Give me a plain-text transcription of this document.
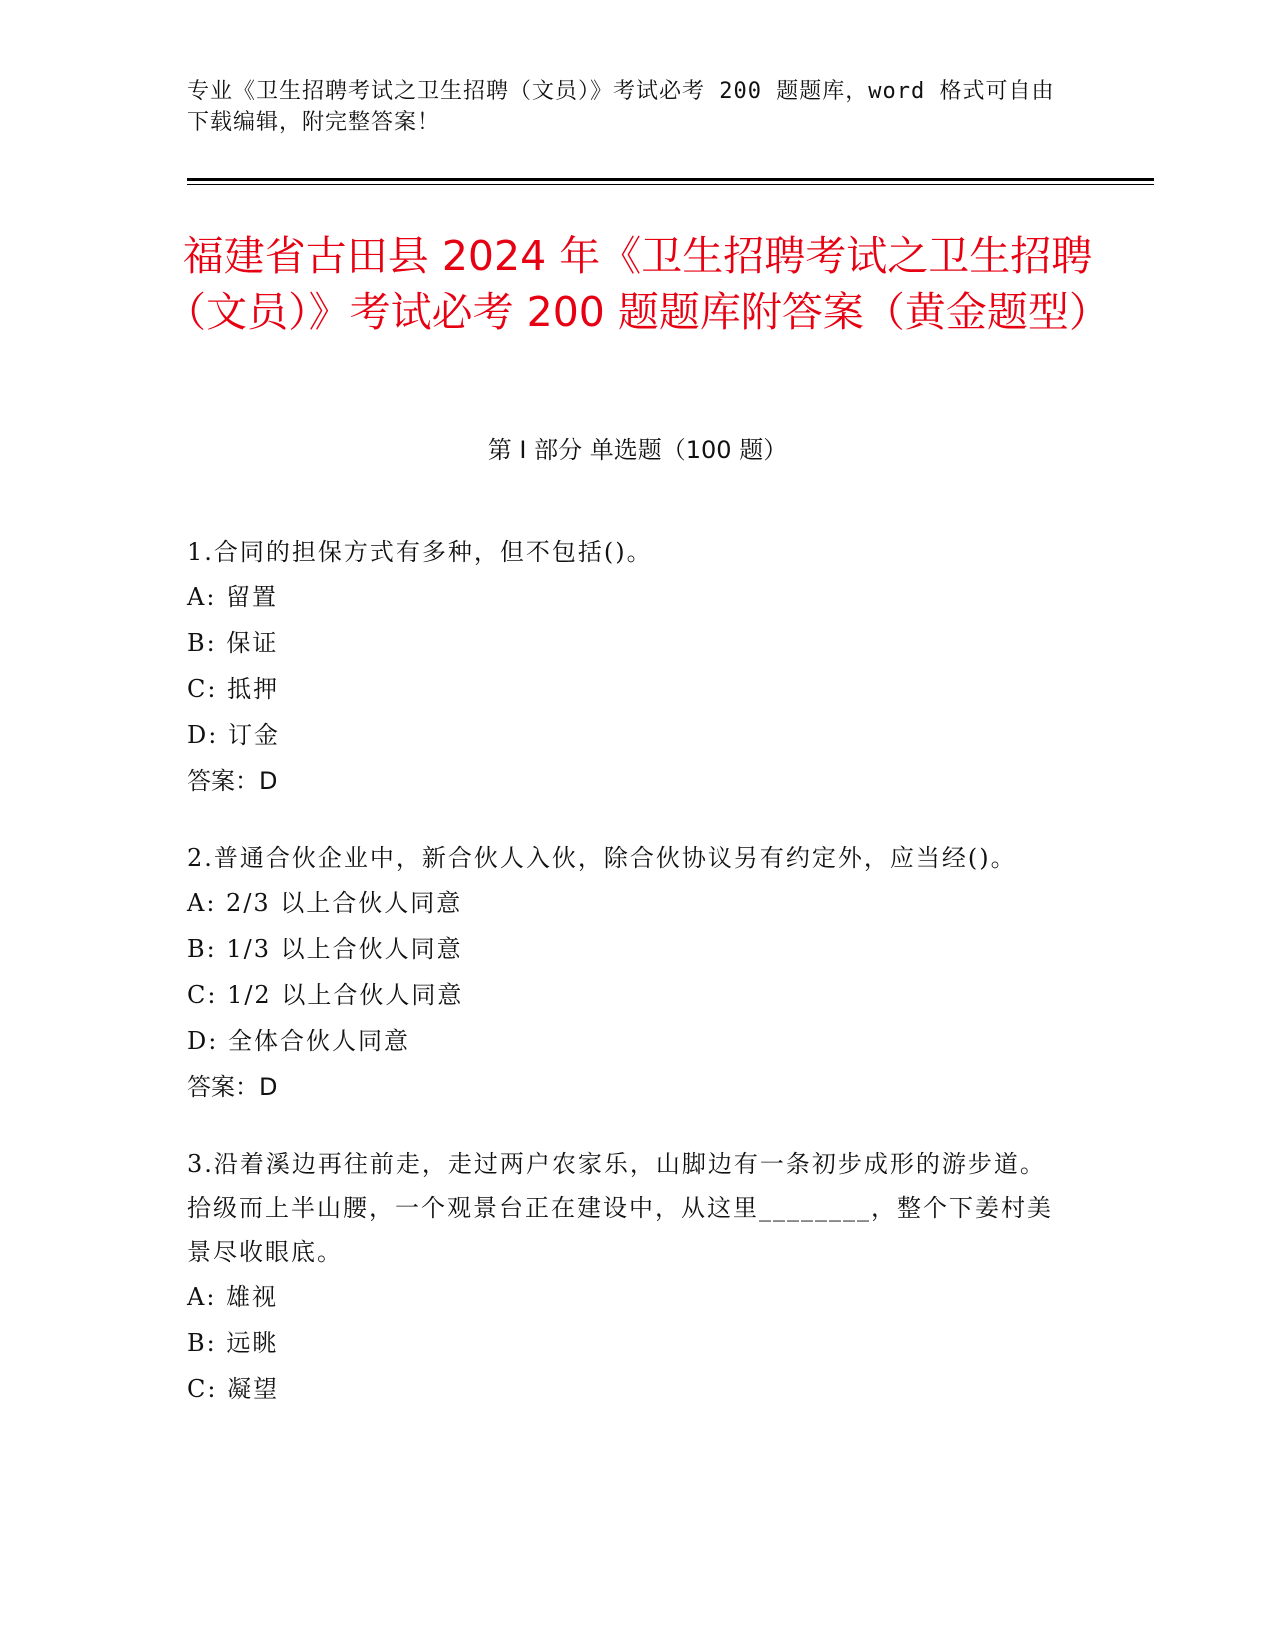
专业《卫生招聘考试之卫生招聘（文员）》考试必考 200 题题库，word 格式可自由下载编辑，附完整答案！
福建省古田县 2024 年《卫生招聘考试之卫生招聘（文员）》考试必考 200 题题库附答案（黄金题型）
第 I 部分 单选题（100 题）
1.合同的担保方式有多种，但不包括()。
A: 留置
B: 保证
C: 抵押
D: 订金
答案：D
2.普通合伙企业中，新合伙人入伙，除合伙协议另有约定外，应当经()。
A: 2/3 以上合伙人同意
B: 1/3 以上合伙人同意
C: 1/2 以上合伙人同意
D: 全体合伙人同意
答案：D
3.沿着溪边再往前走，走过两户农家乐，山脚边有一条初步成形的游步道。拾级而上半山腰，一个观景台正在建设中，从这里________，整个下姜村美景尽收眼底。
A: 雄视
B: 远眺
C: 凝望
